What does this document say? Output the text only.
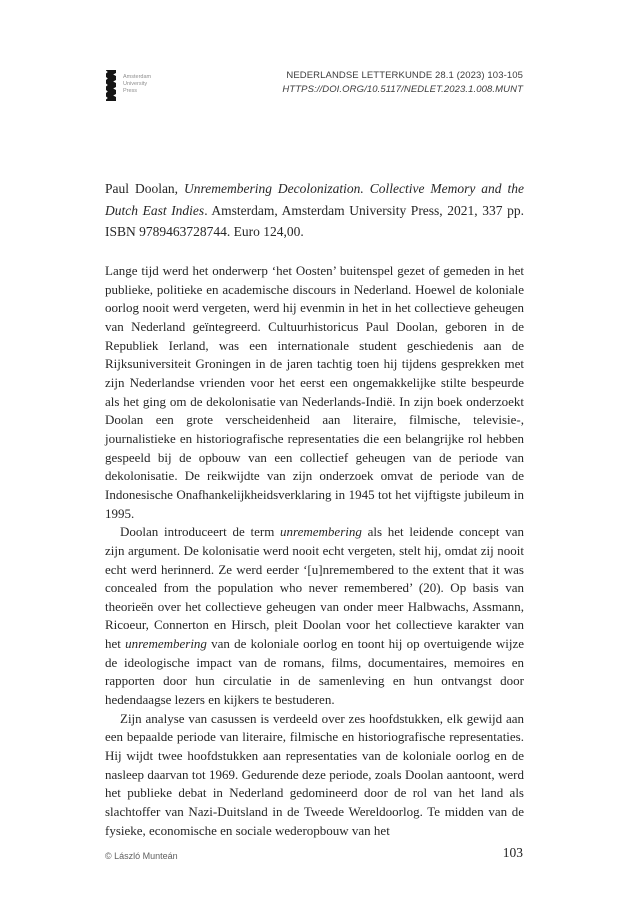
Amsterdam
University
Press
NEDERLANDSE LETTERKUNDE 28.1 (2023) 103-105
HTTPS://DOI.ORG/10.5117/NEDLET.2023.1.008.MUNT
Paul Doolan, Unremembering Decolonization. Collective Memory and the Dutch East Indies. Amsterdam, Amsterdam University Press, 2021, 337 pp. ISBN 9789463728744. Euro 124,00.

Lange tijd werd het onderwerp ‘het Oosten’ buitenspel gezet of gemeden in het publieke, politieke en academische discours in Nederland. Hoewel de koloniale oorlog nooit werd vergeten, werd hij evenmin in het in het collectieve geheugen van Nederland geïntegreerd. Cultuurhistoricus Paul Doolan, geboren in de Republiek Ierland, was een internationale student geschiedenis aan de Rijksuniversiteit Groningen in de jaren tachtig toen hij tijdens gesprekken met zijn Nederlandse vrienden voor het eerst een ongemakkelijke stilte bespeurde als het ging om de dekolonisatie van Nederlands-Indië. In zijn boek onderzoekt Doolan een grote verscheidenheid aan literaire, filmische, televisie-, journalistieke en historiografische representaties die een belangrijke rol hebben gespeeld bij de opbouw van een collectief geheugen van de periode van dekolonisatie. De reikwijdte van zijn onderzoek omvat de periode van de Indonesische Onafhankelijkheidsverklaring in 1945 tot het vijftigste jubileum in 1995.

Doolan introduceert de term unremembering als het leidende concept van zijn argument. De kolonisatie werd nooit echt vergeten, stelt hij, omdat zij nooit echt werd herinnerd. Ze werd eerder ‘[u]nremembered to the extent that it was concealed from the population who never remembered’ (20). Op basis van theorieën over het collectieve geheugen van onder meer Halbwachs, Assmann, Ricoeur, Connerton en Hirsch, pleit Doolan voor het collectieve karakter van het unremembering van de koloniale oorlog en toont hij op overtuigende wijze de ideologische impact van de romans, films, documentaires, memoires en rapporten door hun circulatie in de samenleving en hun ontvangst door hedendaagse lezers en kijkers te bestuderen.

Zijn analyse van casussen is verdeeld over zes hoofdstukken, elk gewijd aan een bepaalde periode van literaire, filmische en historiografische representaties. Hij wijdt twee hoofdstukken aan representaties van de koloniale oorlog en de nasleep daarvan tot 1969. Gedurende deze periode, zoals Doolan aantoont, werd het publieke debat in Nederland gedomineerd door de rol van het land als slachtoffer van Nazi-Duitsland in de Tweede Wereldoorlog. Te midden van de fysieke, economische en sociale wederopbouw van het

© László Munteán	103
